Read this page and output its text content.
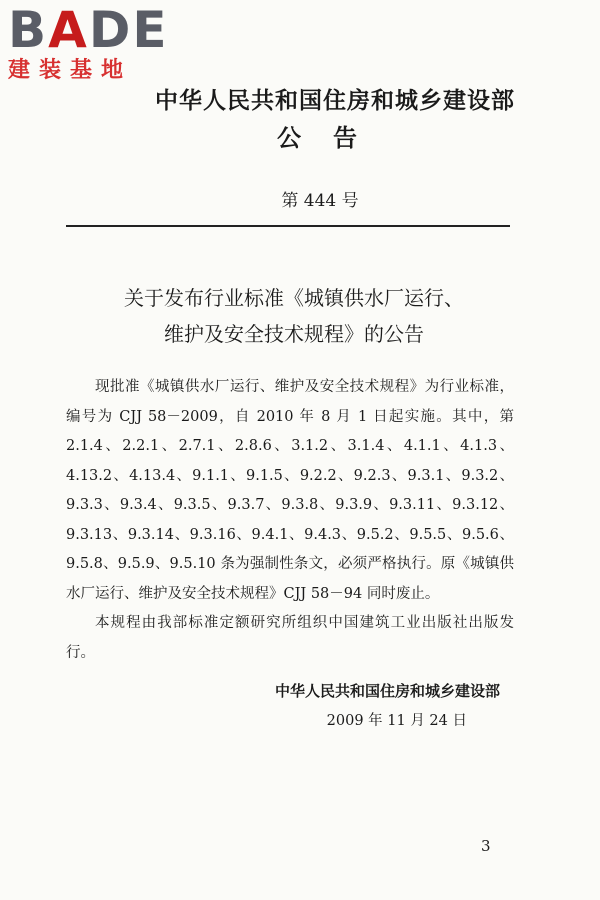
BADE
建装基地
中华人民共和国住房和城乡建设部
公告
第 444 号
关于发布行业标准《城镇供水厂运行、
维护及安全技术规程》的公告

现批准《城镇供水厂运行、维护及安全技术规程》为行业标准，编号为 CJJ 58－2009，自 2010 年 8 月 1 日起实施。其中，第 2.1.4、2.2.1、2.7.1、2.8.6、3.1.2、3.1.4、4.1.1、4.1.3、4.13.2、4.13.4、9.1.1、9.1.5、9.2.2、9.2.3、9.3.1、9.3.2、9.3.3、9.3.4、9.3.5、9.3.7、9.3.8、9.3.9、9.3.11、9.3.12、9.3.13、9.3.14、9.3.16、9.4.1、9.4.3、9.5.2、9.5.5、9.5.6、9.5.8、9.5.9、9.5.10 条为强制性条文，必须严格执行。原《城镇供水厂运行、维护及安全技术规程》CJJ 58－94 同时废止。

本规程由我部标准定额研究所组织中国建筑工业出版社出版发行。

中华人民共和国住房和城乡建设部
2009 年 11 月 24 日
3
